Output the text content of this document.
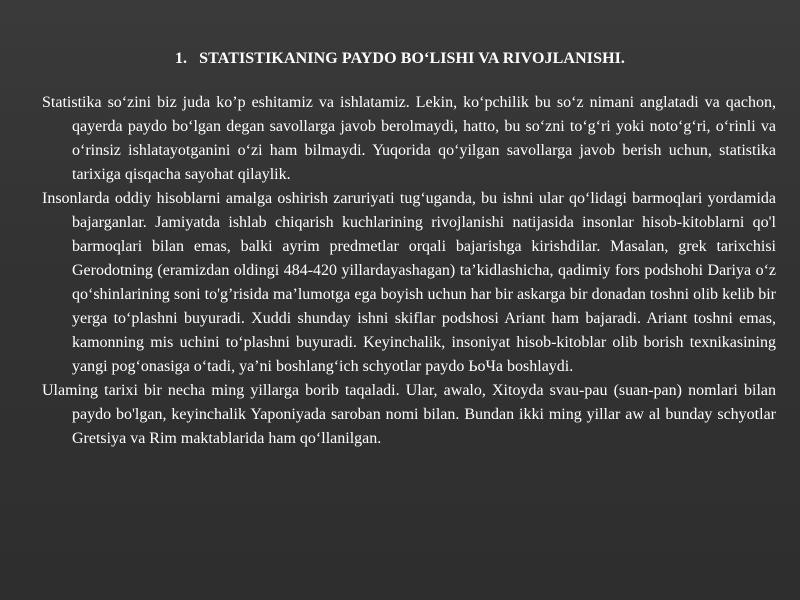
1. STATISTIKANING PAYDO BO‘LISHI VA RIVOJLANISHI.

Statistika so‘zini biz juda ko’p eshitamiz va ishlatamiz. Lekin, ko‘pchilik bu so‘z nimani anglatadi va qachon, qayerda paydo bo‘lgan degan savollarga javob berolmaydi, hatto, bu so‘zni to‘g‘ri yoki noto‘g‘ri, o‘rinli va o‘rinsiz ishlatayotganini o‘zi ham bilmaydi. Yuqorida qo‘yilgan savollarga javob berish uchun, statistika tarixiga qisqacha sayohat qilaylik.

Insonlarda oddiy hisoblarni amalga oshirish zaruriyati tug‘uganda, bu ishni ular qo‘lidagi barmoqlari yordamida bajarganlar. Jamiyatda ishlab chiqarish kuchlarining rivojlanishi natijasida insonlar hisob-kitoblarni qo'l barmoqlari bilan emas, balki ayrim predmetlar orqali bajarishga kirishdilar. Masalan, grek tarixchisi Gerodotning (eramizdan oldingi 484-420 yillardayashagan) ta’kidlashicha, qadimiy fors podshohi Dariya o‘z qo‘shinlarining soni to'g’risida ma’lumotga ega boyish uchun har bir askarga bir donadan toshni olib kelib bir yerga to‘plashni buyuradi. Xuddi shunday ishni skiflar podshosi Ariant ham bajaradi. Ariant toshni emas, kamonning mis uchini to‘plashni buyuradi. Keyinchalik, insoniyat hisob-kitoblar olib borish texnikasining yangi pog‘onasiga o‘tadi, ya’ni boshlang‘ich schyotlar paydo ЬоЧа boshlaydi.

Ulaming tarixi bir necha ming yillarga borib taqaladi. Ular, awalo, Xitoyda svau-pau (suan-pan) nomlari bilan paydo bo'lgan, keyinchalik Yaponiyada saroban nomi bilan. Bundan ikki ming yillar aw al bunday schyotlar Gretsiya va Rim maktablarida ham qo‘llanilgan.
